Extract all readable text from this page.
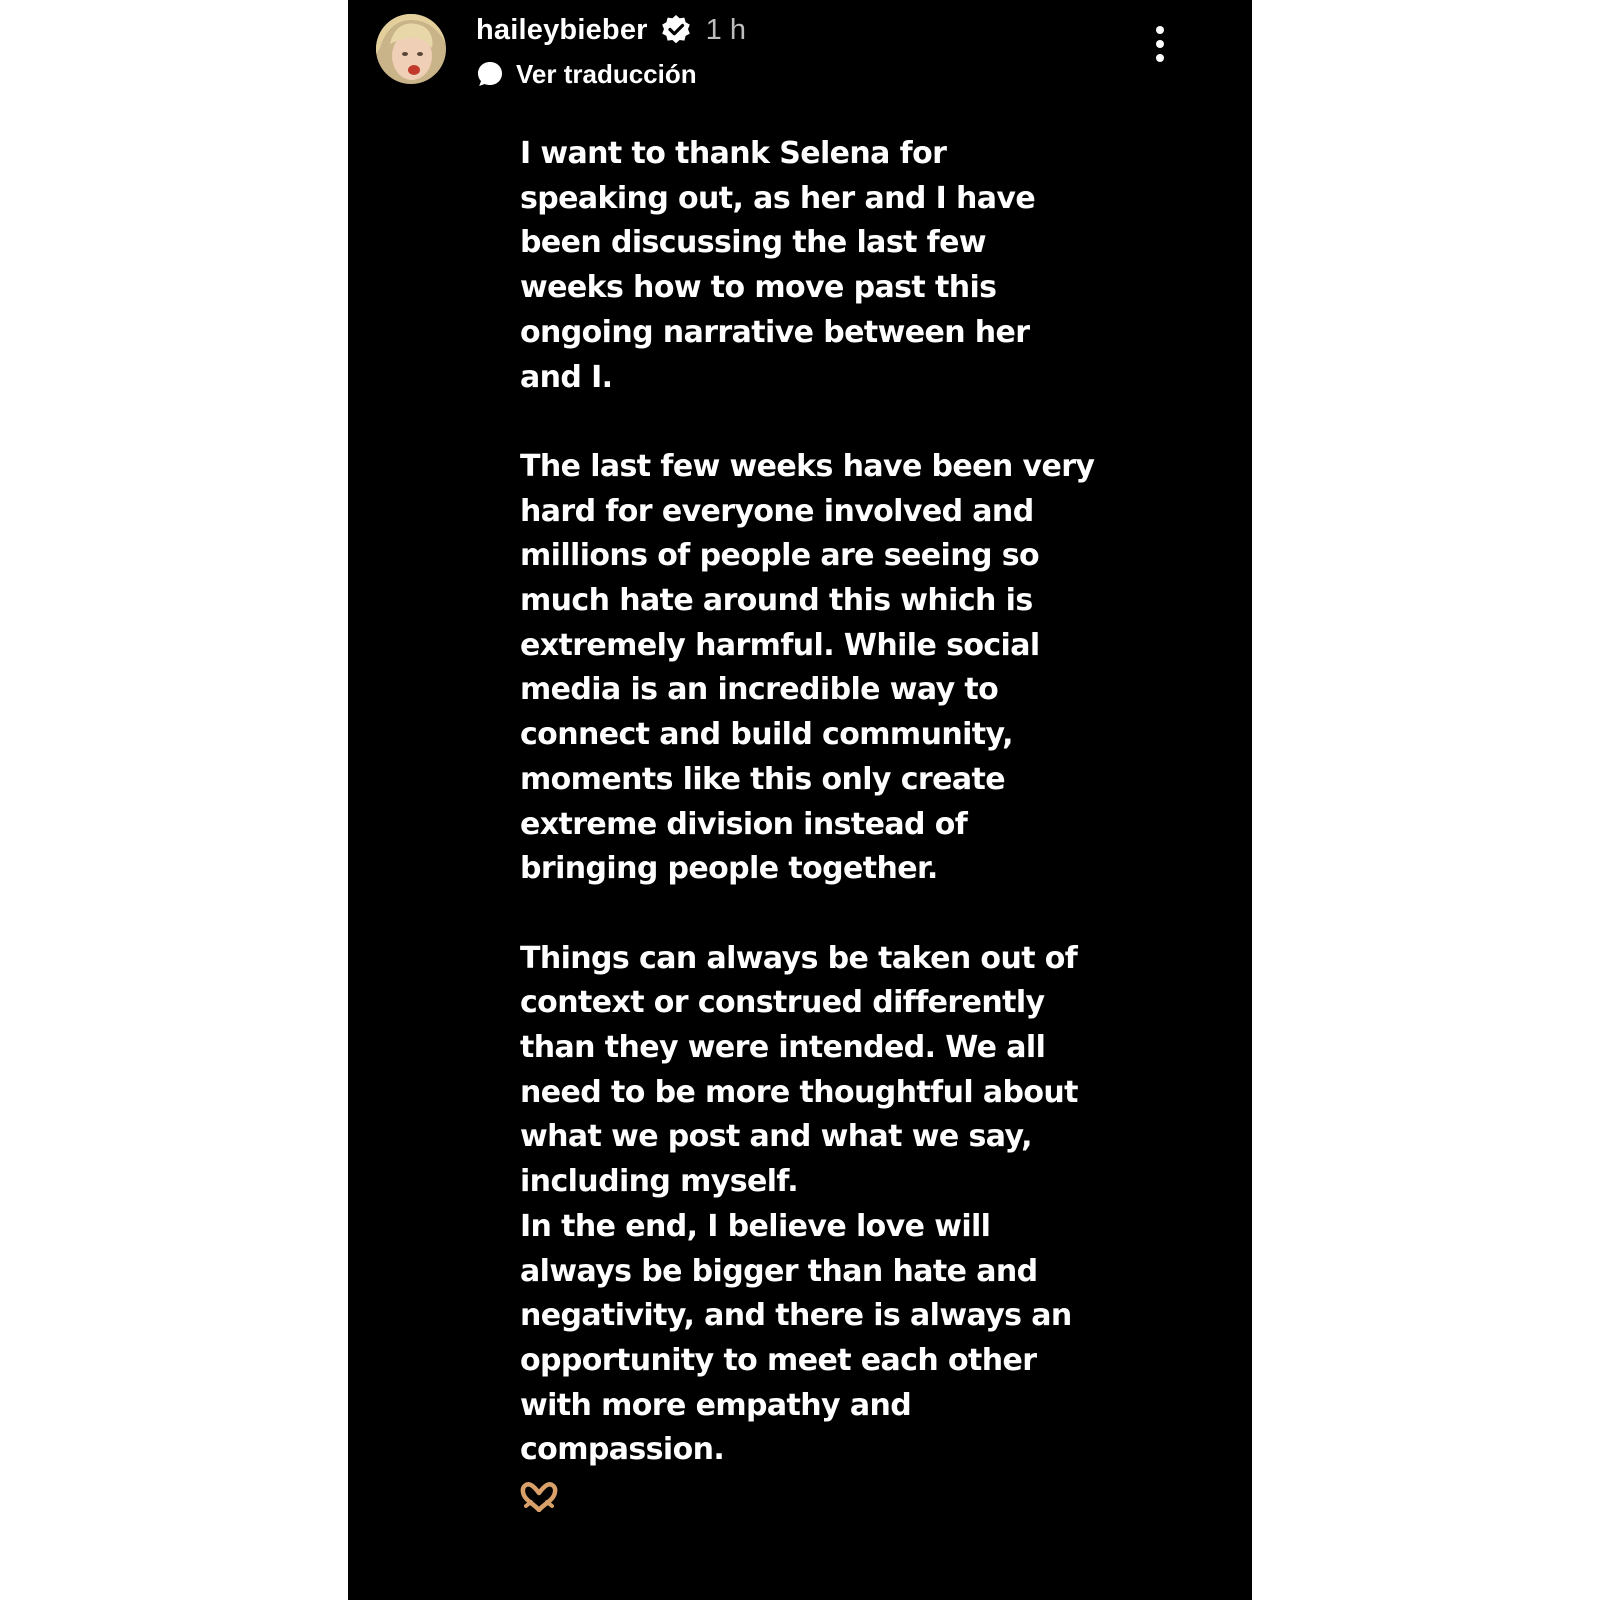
haileybieber 1 h
Ver traducción

I want to thank Selena for
speaking out, as her and I have
been discussing the last few
weeks how to move past this
ongoing narrative between her
and I.

The last few weeks have been very
hard for everyone involved and
millions of people are seeing so
much hate around this which is
extremely harmful. While social
media is an incredible way to
connect and build community,
moments like this only create
extreme division instead of
bringing people together.

Things can always be taken out of
context or construed differently
than they were intended. We all
need to be more thoughtful about
what we post and what we say,
including myself.

In the end, I believe love will
always be bigger than hate and
negativity, and there is always an
opportunity to meet each other
with more empathy and
compassion.
